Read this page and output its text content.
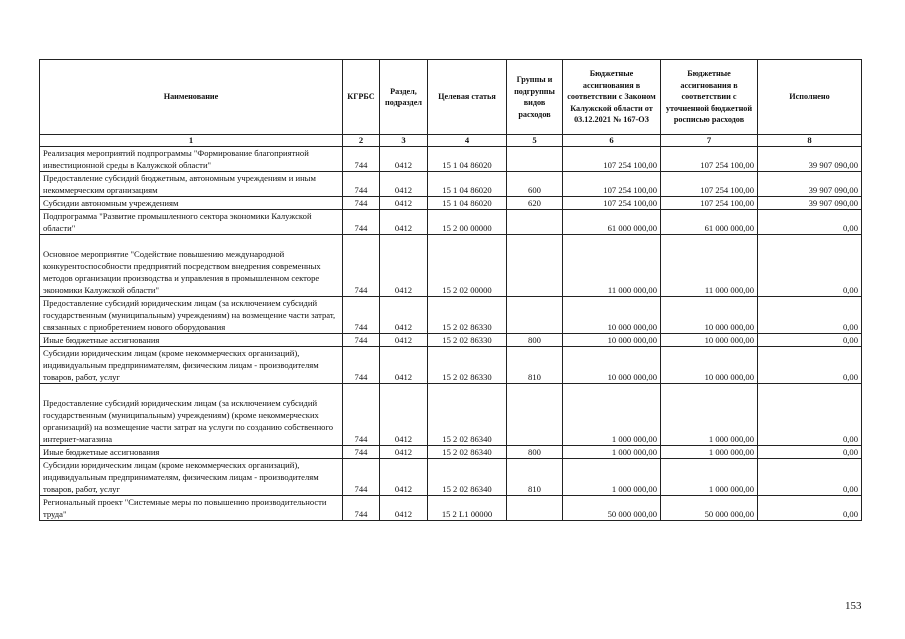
Наименование	КГРБС	Раздел, подраздел	Целевая статья	Группы и подгруппы видов расходов	Бюджетные ассигнования в соответствии с Законом Калужской области от 03.12.2021 № 167-ОЗ	Бюджетные ассигнования в соответствии с уточненной бюджетной росписью расходов	Исполнено
1	2	3	4	5	6	7	8
Реализация мероприятий подпрограммы "Формирование благоприятной инвестиционной среды в Калужской области"	744	0412	15 1 04 86020		107 254 100,00	107 254 100,00	39 907 090,00
Предоставление субсидий бюджетным, автономным учреждениям и иным некоммерческим организациям	744	0412	15 1 04 86020	600	107 254 100,00	107 254 100,00	39 907 090,00
Субсидии автономным учреждениям	744	0412	15 1 04 86020	620	107 254 100,00	107 254 100,00	39 907 090,00
Подпрограмма "Развитие промышленного сектора экономики Калужской области"	744	0412	15 2 00 00000		61 000 000,00	61 000 000,00	0,00
Основное мероприятие "Содействие повышению международной конкурентоспособности предприятий посредством внедрения современных методов организации производства и управления в промышленном секторе экономики Калужской области"	744	0412	15 2 02 00000		11 000 000,00	11 000 000,00	0,00
Предоставление субсидий юридическим лицам (за исключением субсидий государственным (муниципальным) учреждениям) на возмещение части затрат, связанных с приобретением нового оборудования	744	0412	15 2 02 86330		10 000 000,00	10 000 000,00	0,00
Иные бюджетные ассигнования	744	0412	15 2 02 86330	800	10 000 000,00	10 000 000,00	0,00
Субсидии юридическим лицам (кроме некоммерческих организаций), индивидуальным предпринимателям, физическим лицам - производителям товаров, работ, услуг	744	0412	15 2 02 86330	810	10 000 000,00	10 000 000,00	0,00
Предоставление субсидий юридическим лицам (за исключением субсидий государственным (муниципальным) учреждениям) (кроме некоммерческих организаций) на возмещение части затрат на услуги по созданию собственного интернет-магазина	744	0412	15 2 02 86340		1 000 000,00	1 000 000,00	0,00
Иные бюджетные ассигнования	744	0412	15 2 02 86340	800	1 000 000,00	1 000 000,00	0,00
Субсидии юридическим лицам (кроме некоммерческих организаций), индивидуальным предпринимателям, физическим лицам - производителям товаров, работ, услуг	744	0412	15 2 02 86340	810	1 000 000,00	1 000 000,00	0,00
Региональный проект "Системные меры по повышению производительности труда"	744	0412	15 2 L1 00000		50 000 000,00	50 000 000,00	0,00
153
